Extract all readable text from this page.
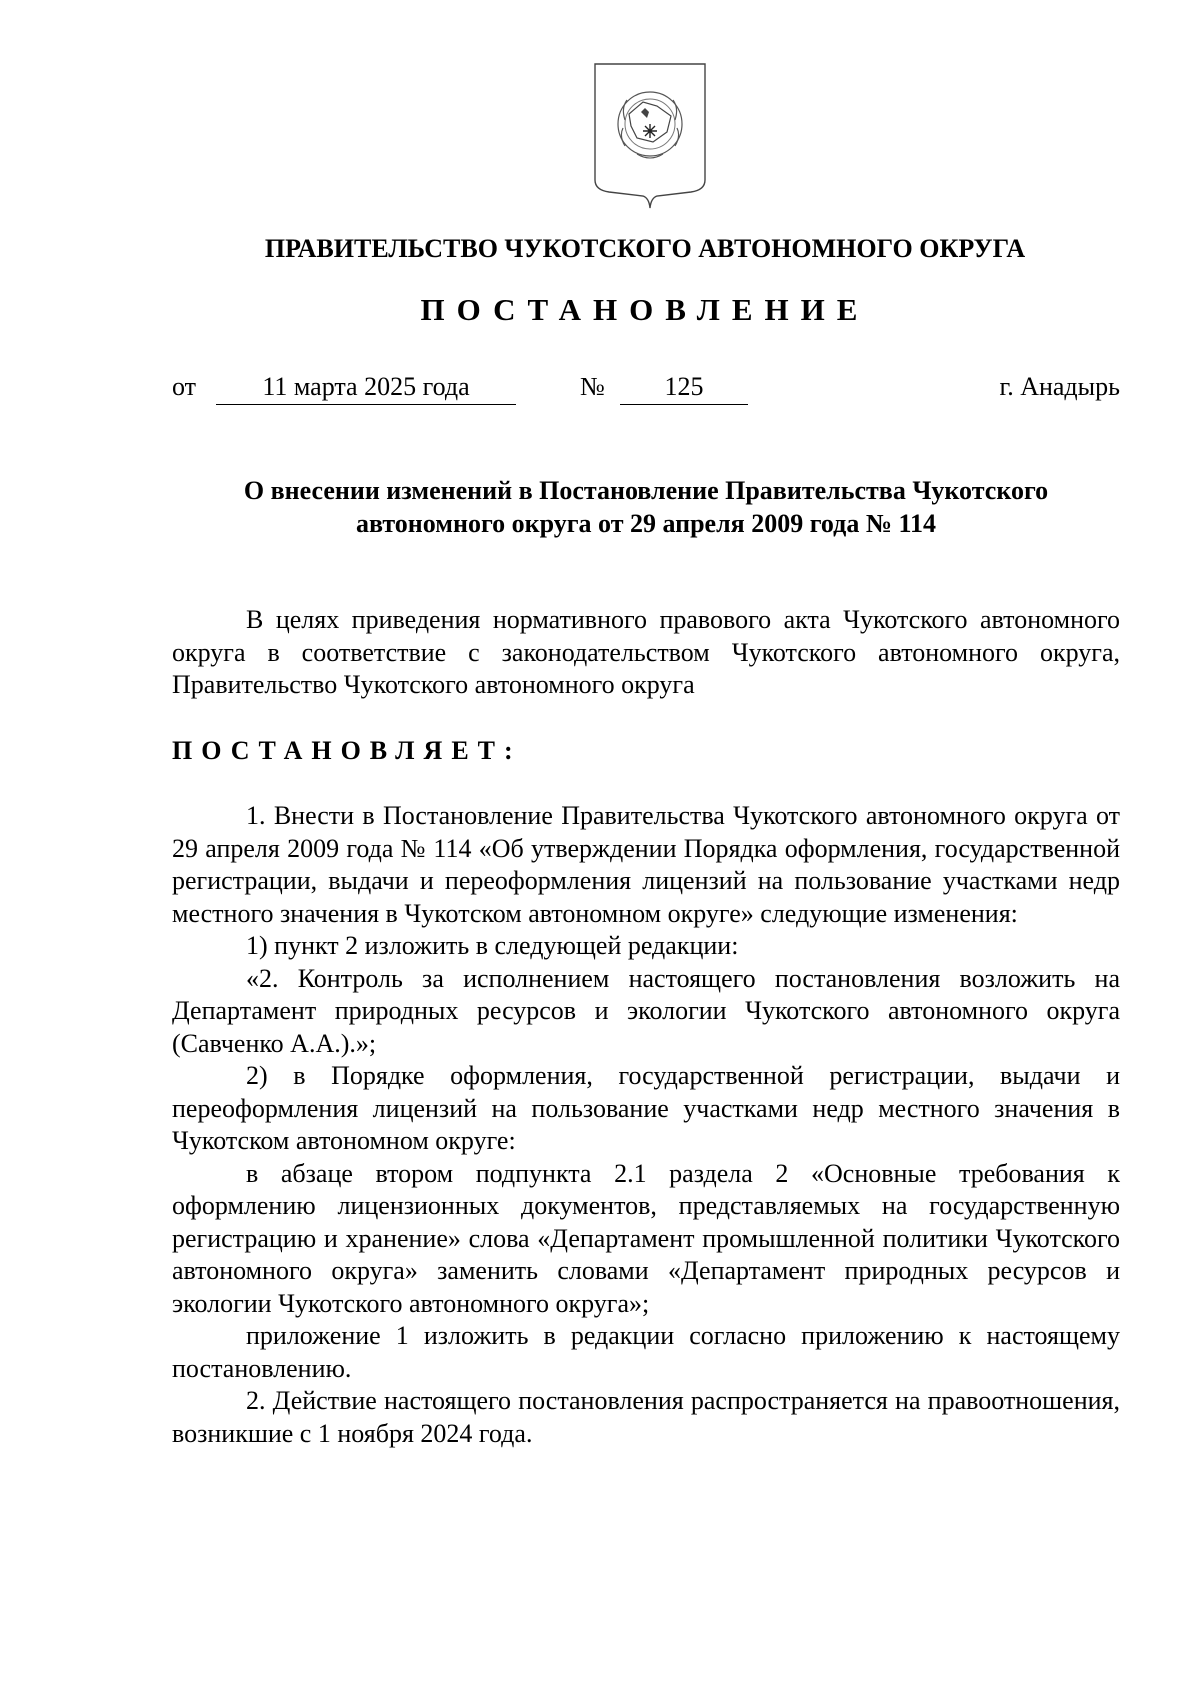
ПРАВИТЕЛЬСТВО ЧУКОТСКОГО АВТОНОМНОГО ОКРУГА
ПОСТАНОВЛЕНИЕ
от	11 марта 2025 года	№	125	г. Анадырь
О внесении изменений в Постановление Правительства Чукотского автономного округа от 29 апреля 2009 года № 114

В целях приведения нормативного правового акта Чукотского автономного округа в соответствие с законодательством Чукотского автономного округа, Правительство Чукотского автономного округа

ПОСТАНОВЛЯЕТ:

1. Внести в Постановление Правительства Чукотского автономного округа от 29 апреля 2009 года № 114 «Об утверждении Порядка оформления, государственной регистрации, выдачи и переоформления лицензий на пользование участками недр местного значения в Чукотском автономном округе» следующие изменения:

1) пункт 2 изложить в следующей редакции:

«2. Контроль за исполнением настоящего постановления возложить на Департамент природных ресурсов и экологии Чукотского автономного округа (Савченко А.А.).»;

2) в Порядке оформления, государственной регистрации, выдачи и переоформления лицензий на пользование участками недр местного значения в Чукотском автономном округе:

в абзаце втором подпункта 2.1 раздела 2 «Основные требования к оформлению лицензионных документов, представляемых на государственную регистрацию и хранение» слова «Департамент промышленной политики Чукотского автономного округа» заменить словами «Департамент природных ресурсов и экологии Чукотского автономного округа»;

приложение 1 изложить в редакции согласно приложению к настоящему постановлению.

2. Действие настоящего постановления распространяется на правоотношения, возникшие с 1 ноября 2024 года.
